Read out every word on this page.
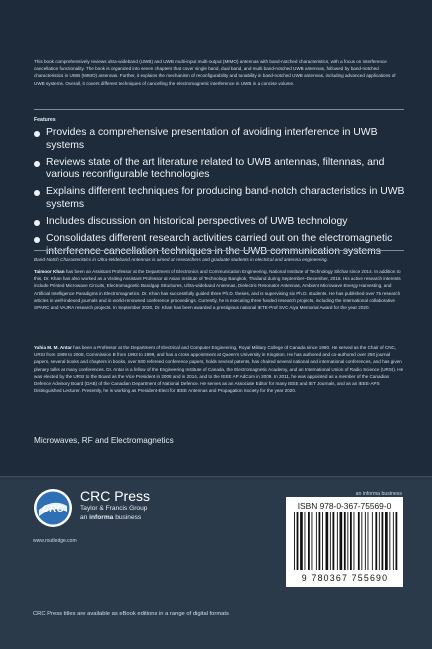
This book comprehensively reviews ultra-wideband (UWB) and UWB multi-input multi-output (MIMO) antennas with band-notched characteristics, with a focus on interference cancellation functionality. The book is organized into seven chapters that cover single band, dual band, and multi band-notched UWB antennas, followed by band-notched characteristics in UWB (MIMO) antennas. Further, it explains the mechanism of reconfigurability and tunability in band-notched UWB antennas, including advanced applications of UWB systems. Overall, it covers different techniques of cancelling the electromagnetic interference in UWB in a concise volume.
Features
Provides a comprehensive presentation of avoiding interference in UWB systems
Reviews state of the art literature related to UWB antennas, filtennas, and various reconfigurable technologies
Explains different techniques for producing band-notch characteristics in UWB systems
Includes discussion on historical perspectives of UWB technology
Consolidates different research activities carried out on the electromagnetic interference cancellation techniques in the UWB communication systems
Band-Notch Characteristics in Ultra-Wideband Antennas is aimed at researchers and graduate students in electrical and antenna engineering.
Taimoor Khan has been an Assistant Professor at the Department of Electronics and Communication Engineering, National Institute of Technology Silchar since 2014. In addition to this, Dr. Khan has also worked as a Visiting Assistant Professor at Asian Institute of Technology Bangkok, Thailand during September–December, 2016. His active research interests include Printed Microwave Circuits, Electromagnetic Bandgap Structures, Ultra-wideband Antennas, Dielectric Resonator Antennas, Ambient Microwave Energy Harvesting, and Artificial Intelligence Paradigms in Electromagnetics. Dr. Khan has successfully guided three Ph.D. theses, and is supervising six Ph.D. students. He has published over 75 research articles in well-indexed journals and in world-renowned conference proceedings. Currently, he is executing three funded research projects, including the international collaborative SPARC and VAJRA research projects. In September 2020, Dr. Khan has been awarded a prestigious national IETE-Prof SVC Aiya Memorial Award for the year 2020.
Yahia M. M. Antar has been a Professor at the Department of Electrical and Computer Engineering, Royal Military College of Canada since 1990. He served as the Chair of CNC, URSI from 1999 to 2008, Commission B from 1993 to 1999, and has a cross appointment at Queen's University in Kingston. He has authored and co-authored over 250 journal papers, several books and chapters in books, over 500 refereed conference papers, holds several patents, has chaired several national and international conferences, and has given plenary talks at many conferences. Dr. Antar is a fellow of the Engineering Institute of Canada, the Electromagnetic Academy, and an International Union of Radio Science (URSI). He was elected by the URSI to the Board as the Vice President in 2008 and in 2014, and to the IEEE AP AdCom in 2009. In 2011, he was appointed as a member of the Canadian Defence Advisory Board (DAB) of the Canadian Department of National Defence. He serves as an Associate Editor for many IEEE and IET Journals, and as an IEEE-APS Distinguished Lecturer. Presently, he is working as President-Elect for IEEE Antennas and Propagation Society for the year 2020.
Microwaves, RF and Electromagnetics
CRC
CRC Press
Taylor & Francis Group
an informa business
www.routledge.com
an informa business
ISBN 978-0-367-75569-0
9 780367 755690
CRC Press titles are available as eBook editions in a range of digital formats
